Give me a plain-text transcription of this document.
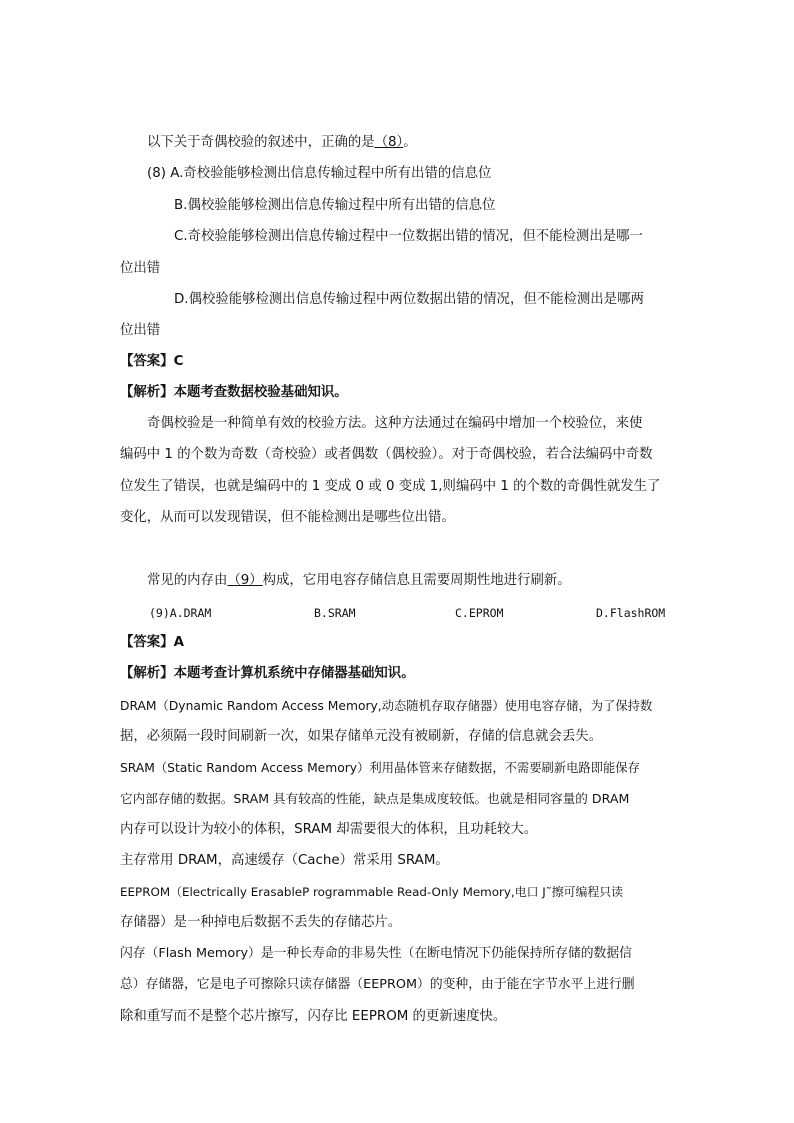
以下关于奇偶校验的叙述中，正确的是（8）。
(8) A.奇校验能够检测出信息传输过程中所有出错的信息位
B.偶校验能够检测出信息传输过程中所有出错的信息位
C.奇校验能够检测出信息传输过程中一位数据出错的情况，但不能检测出是哪一
位出错
D.偶校验能够检测出信息传输过程中两位数据出错的情况，但不能检测出是哪两
位出错
【答案】C
【解析】本题考查数据校验基础知识。
奇偶校验是一种简单有效的校验方法。这种方法通过在编码中增加一个校验位，来使
编码中 1 的个数为奇数（奇校验）或者偶数（偶校验）。对于奇偶校验，若合法编码中奇数
位发生了错误，也就是编码中的 1 变成 0 或 0 变成 1,则编码中 1 的个数的奇偶性就发生了
变化，从而可以发现错误，但不能检测出是哪些位出错。
常见的内存由（9）构成，它用电容存储信息且需要周期性地进行刷新。
(9)A.DRAM	B.SRAM	C.EPROM	D.FlashROM
【答案】A
【解析】本题考查计算机系统中存储器基础知识。
DRAM（Dynamic Random Access Memory,动态随机存取存储器）使用电容存储，为了保持数
据，必须隔一段时间刷新一次，如果存储单元没有被刷新，存储的信息就会丢失。
SRAM（Static Random Access Memory）利用晶体管来存储数据，不需要刷新电路即能保存
它内部存储的数据。SRAM 具有较高的性能，缺点是集成度较低。也就是相同容量的 DRAM
内存可以设计为较小的体积，SRAM 却需要很大的体积，且功耗较大。
主存常用 DRAM，高速缓存（Cache）常采用 SRAM。
EEPROM（Electrically ErasableP rogrammable Read-Only Memory,电口 J˜擦可编程只读
存储器）是一种掉电后数据不丢失的存储芯片。
闪存（Flash Memory）是一种长寿命的非易失性（在断电情况下仍能保持所存储的数据信
总）存储器，它是电子可擦除只读存储器（EEPROM）的变种，由于能在字节水平上进行删
除和重写而不是整个芯片擦写，闪存比 EEPROM 的更新速度快。
